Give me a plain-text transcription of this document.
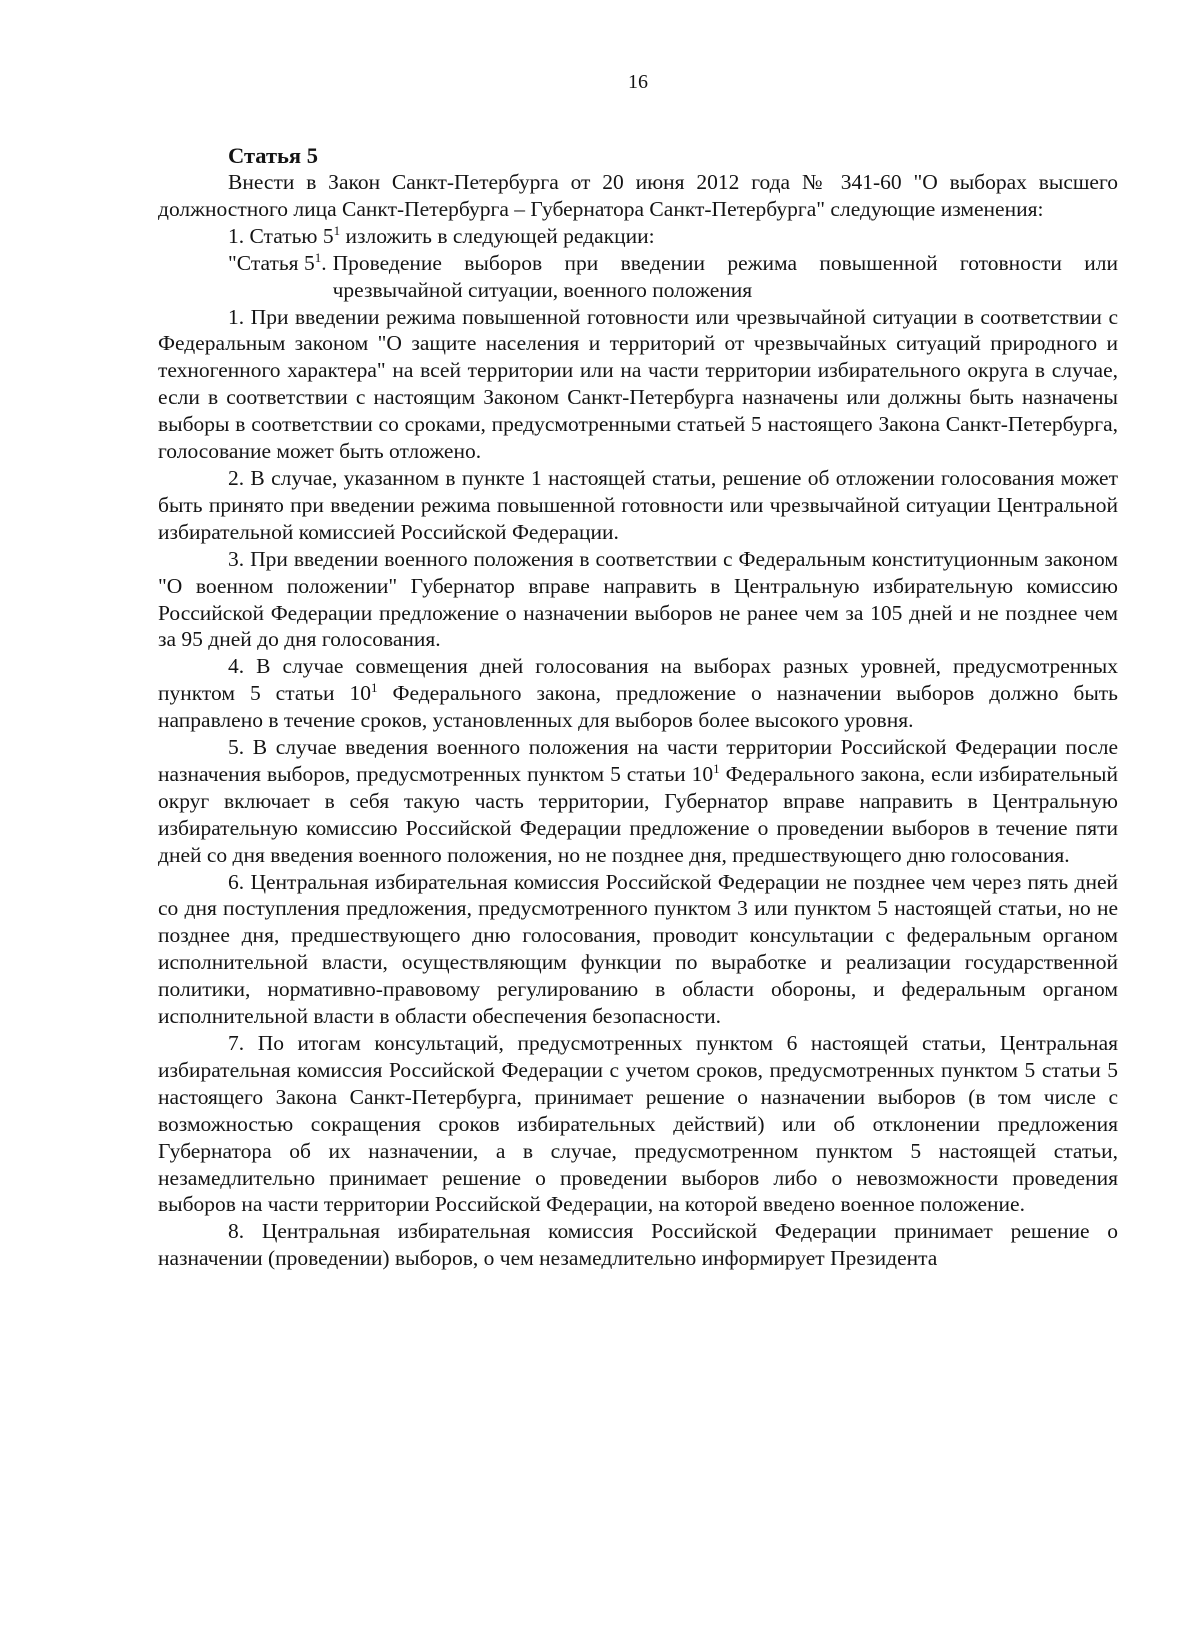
16

Статья 5

Внести в Закон Санкт-Петербурга от 20 июня 2012 года № 341-60 "О выборах высшего должностного лица Санкт-Петербурга – Губернатора Санкт-Петербурга" следующие изменения:

1. Статью $5^1$ изложить в следующей редакции:

"Статья $5^1$. Проведение выборов при введении режима повышенной готовности или чрезвычайной ситуации, военного положения

1. При введении режима повышенной готовности или чрезвычайной ситуации в соответствии с Федеральным законом "О защите населения и территорий от чрезвычайных ситуаций природного и техногенного характера" на всей территории или на части территории избирательного округа в случае, если в соответствии с настоящим Законом Санкт-Петербурга назначены или должны быть назначены выборы в соответствии со сроками, предусмотренными статьей 5 настоящего Закона Санкт-Петербурга, голосование может быть отложено.

2. В случае, указанном в пункте 1 настоящей статьи, решение об отложении голосования может быть принято при введении режима повышенной готовности или чрезвычайной ситуации Центральной избирательной комиссией Российской Федерации.

3. При введении военного положения в соответствии с Федеральным конституционным законом "О военном положении" Губернатор вправе направить в Центральную избирательную комиссию Российской Федерации предложение о назначении выборов не ранее чем за 105 дней и не позднее чем за 95 дней до дня голосования.

4. В случае совмещения дней голосования на выборах разных уровней, предусмотренных пунктом 5 статьи $10^1$ Федерального закона, предложение о назначении выборов должно быть направлено в течение сроков, установленных для выборов более высокого уровня.

5. В случае введения военного положения на части территории Российской Федерации после назначения выборов, предусмотренных пунктом 5 статьи $10^1$ Федерального закона, если избирательный округ включает в себя такую часть территории, Губернатор вправе направить в Центральную избирательную комиссию Российской Федерации предложение о проведении выборов в течение пяти дней со дня введения военного положения, но не позднее дня, предшествующего дню голосования.

6. Центральная избирательная комиссия Российской Федерации не позднее чем через пять дней со дня поступления предложения, предусмотренного пунктом 3 или пунктом 5 настоящей статьи, но не позднее дня, предшествующего дню голосования, проводит консультации с федеральным органом исполнительной власти, осуществляющим функции по выработке и реализации государственной политики, нормативно-правовому регулированию в области обороны, и федеральным органом исполнительной власти в области обеспечения безопасности.

7. По итогам консультаций, предусмотренных пунктом 6 настоящей статьи, Центральная избирательная комиссия Российской Федерации с учетом сроков, предусмотренных пунктом 5 статьи 5 настоящего Закона Санкт-Петербурга, принимает решение о назначении выборов (в том числе с возможностью сокращения сроков избирательных действий) или об отклонении предложения Губернатора об их назначении, а в случае, предусмотренном пунктом 5 настоящей статьи, незамедлительно принимает решение о проведении выборов либо о невозможности проведения выборов на части территории Российской Федерации, на которой введено военное положение.

8. Центральная избирательная комиссия Российской Федерации принимает решение о назначении (проведении) выборов, о чем незамедлительно информирует Президента
